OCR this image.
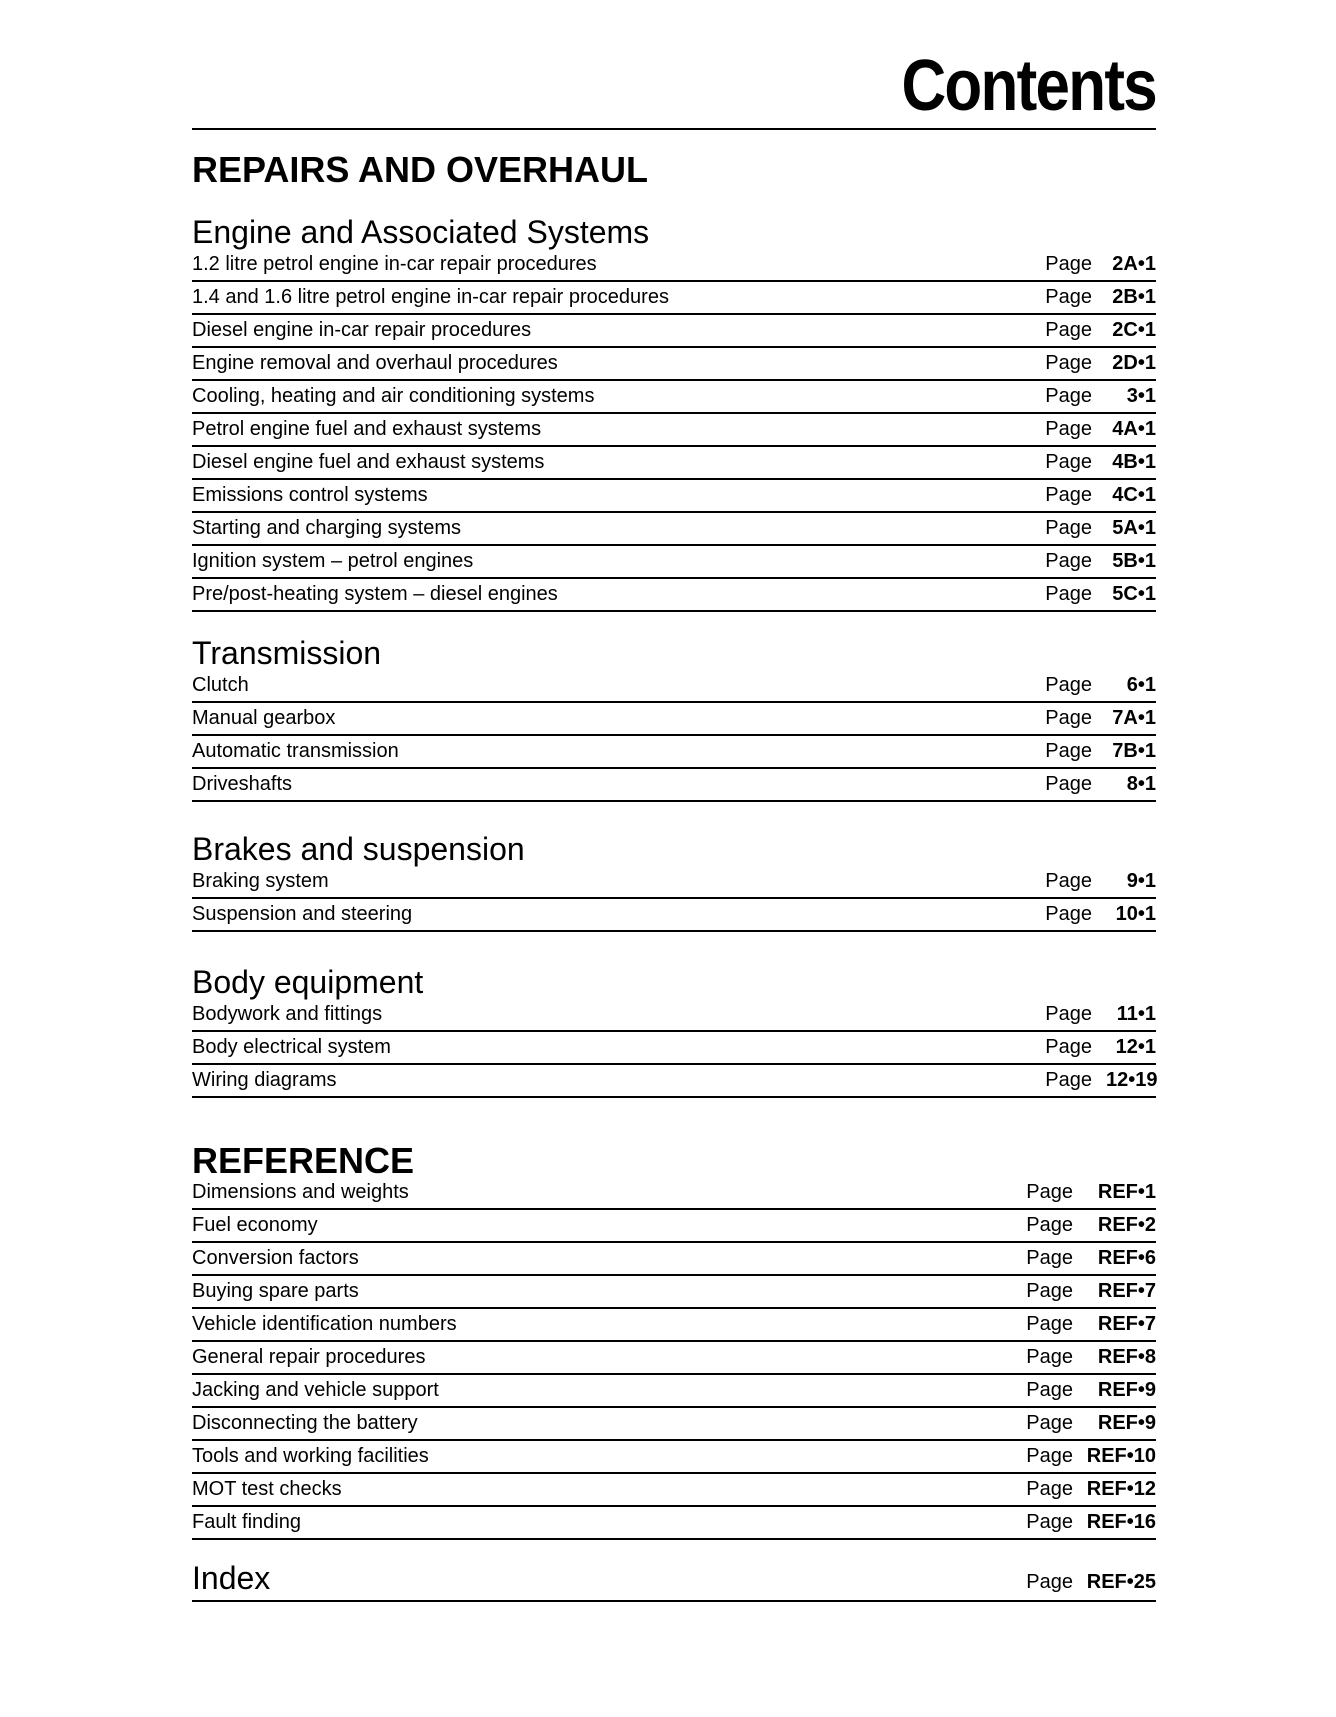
Contents
REPAIRS AND OVERHAUL
Engine and Associated Systems
1.2 litre petrol engine in-car repair procedures	Page	2A•1
1.4 and 1.6 litre petrol engine in-car repair procedures	Page	2B•1
Diesel engine in-car repair procedures	Page	2C•1
Engine removal and overhaul procedures	Page	2D•1
Cooling, heating and air conditioning systems	Page	3•1
Petrol engine fuel and exhaust systems	Page	4A•1
Diesel engine fuel and exhaust systems	Page	4B•1
Emissions control systems	Page	4C•1
Starting and charging systems	Page	5A•1
Ignition system – petrol engines	Page	5B•1
Pre/post-heating system – diesel engines	Page	5C•1
Transmission
Clutch	Page	6•1
Manual gearbox	Page	7A•1
Automatic transmission	Page	7B•1
Driveshafts	Page	8•1
Brakes and suspension
Braking system	Page	9•1
Suspension and steering	Page	10•1
Body equipment
Bodywork and fittings	Page	11•1
Body electrical system	Page	12•1
Wiring diagrams	Page 12•19
REFERENCE
Dimensions and weights	Page	REF•1
Fuel economy	Page	REF•2
Conversion factors	Page	REF•6
Buying spare parts	Page	REF•7
Vehicle identification numbers	Page	REF•7
General repair procedures	Page	REF•8
Jacking and vehicle support	Page	REF•9
Disconnecting the battery	Page	REF•9
Tools and working facilities	Page REF•10
MOT test checks	Page REF•12
Fault finding	Page REF•16
Index	Page REF•25
